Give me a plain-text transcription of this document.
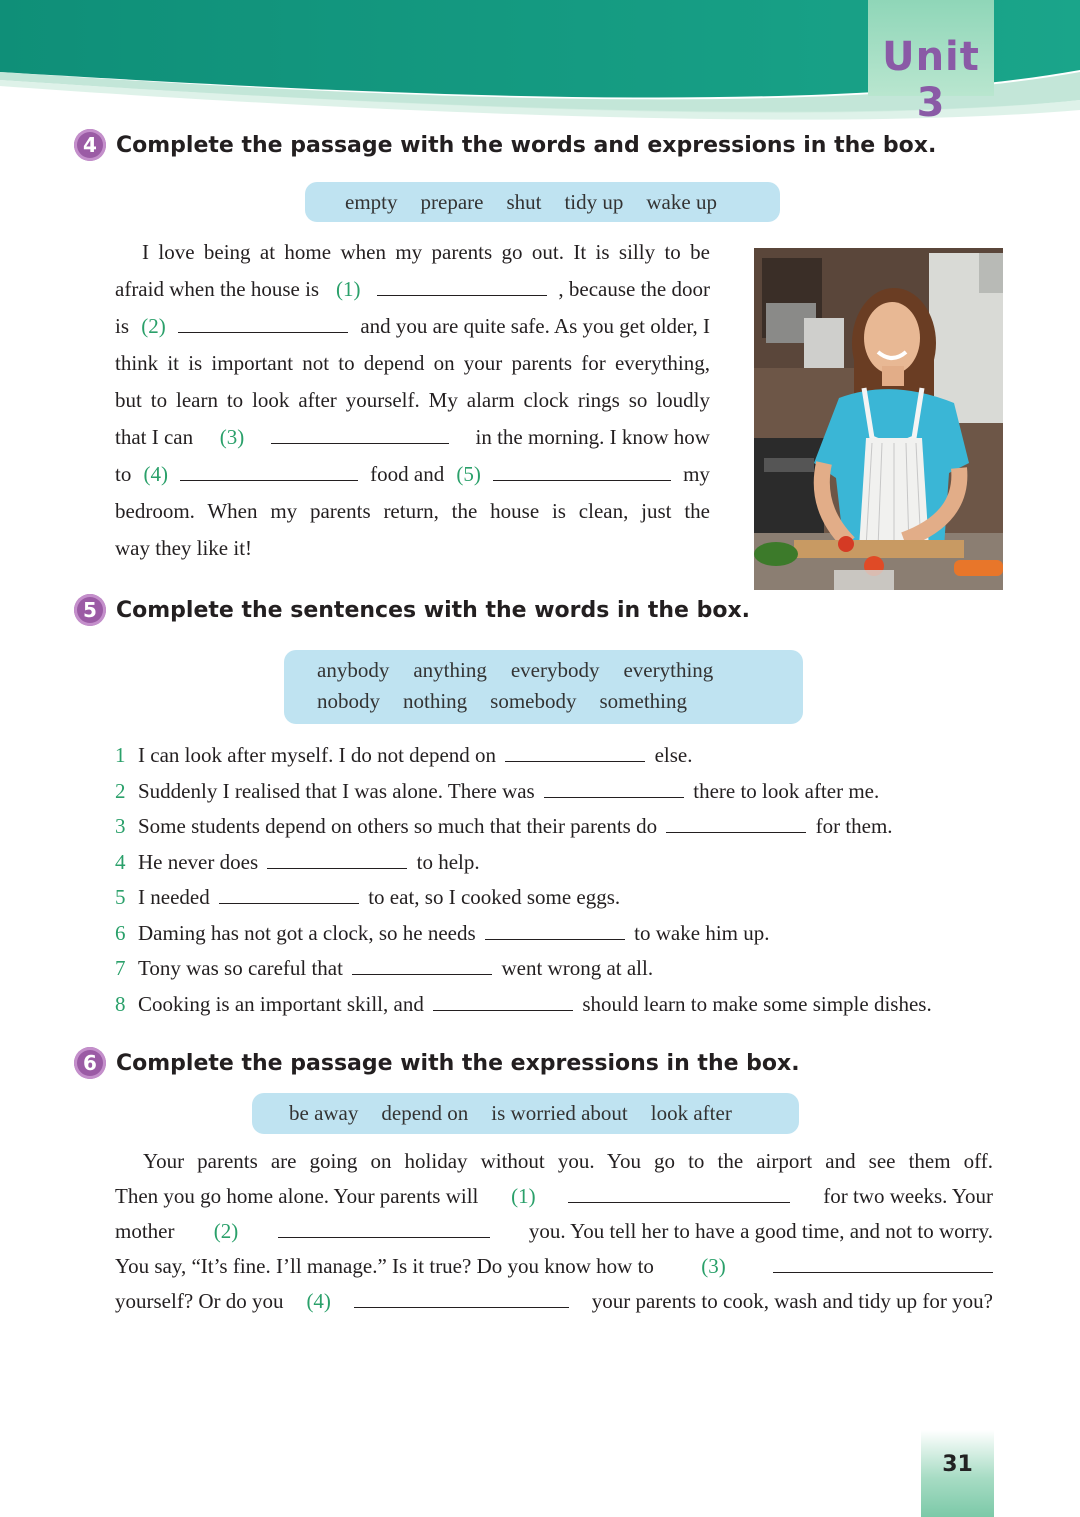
Unit 3
4 Complete the passage with the words and expressions in the box.
empty prepare shut tidy up wake up
I love being at home when my parents go out. It is silly to be
afraid when the house is (1)	, because the door
is (2)	and you are quite safe. As you get older, I
think it is important not to depend on your parents for everything,
but to learn to look after yourself. My alarm clock rings so loudly
that I can (3)	in the morning. I know how
to (4)	food and (5)	my
bedroom. When my parents return, the house is clean, just the
way they like it!
5 Complete the sentences with the words in the box.
anybody anything everybody everything
nobody nothing somebody something
1 I can look after myself. I do not depend on	else.
2 Suddenly I realised that I was alone. There was	there to look after me.
3 Some students depend on others so much that their parents do	for them.
4 He never does	to help.
5 I needed	to eat, so I cooked some eggs.
6 Daming has not got a clock, so he needs	to wake him up.
7 Tony was so careful that	went wrong at all.
8 Cooking is an important skill, and	should learn to make some simple dishes.
6 Complete the passage with the expressions in the box.
be away depend on is worried about look after
Your parents are going on holiday without you. You go to the airport and see them off.
Then you go home alone. Your parents will (1)	for two weeks. Your
mother (2)	you. You tell her to have a good time, and not to worry.
You say, “It’s fine. I’ll manage.” Is it true? Do you know how to (3)
yourself? Or do you (4)	your parents to cook, wash and tidy up for you?
31
